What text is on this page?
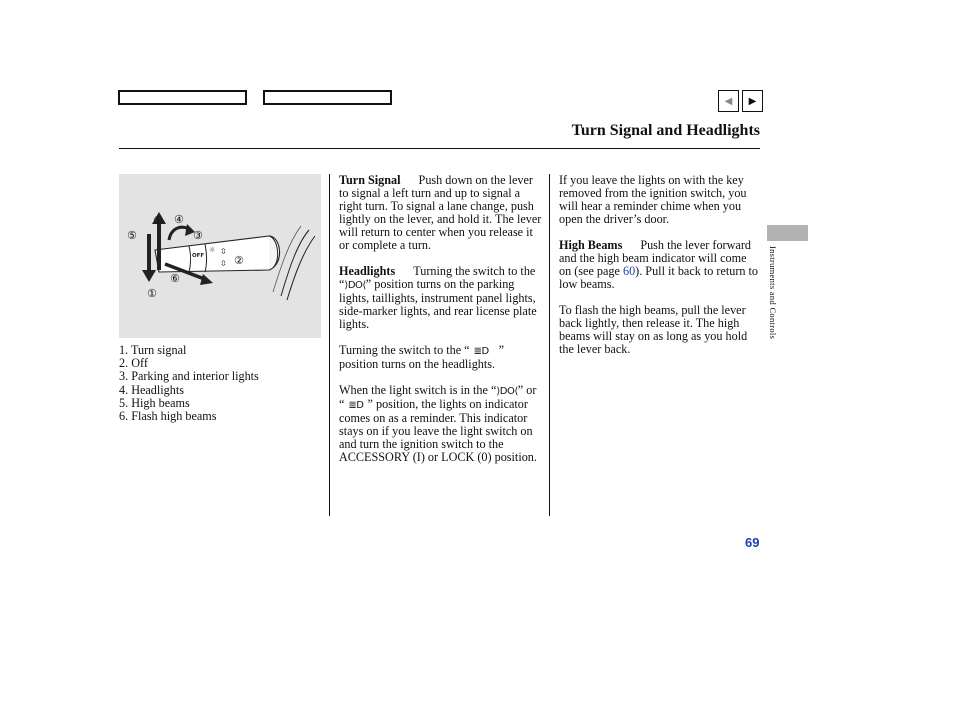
◀ ▶
Turn Signal and Headlights
OFF
☼ ⇳
⇳
① ④
⑤	③
②
⑥
①
1. Turn signal
2. Off
3. Parking and interior lights
4. Headlights
5. High beams
6. Flash high beams

Turn Signal Push down on the lever to signal a left turn and up to signal a right turn. To signal a lane change, push lightly on the lever, and hold it. The lever will return to center when you release it or complete a turn.

Headlights Turning the switch to the “⟩DO⟨” position turns on the parking lights, taillights, instrument panel lights, side-marker lights, and rear license plate lights.

Turning the switch to the “ ≣D ” position turns on the headlights.

When the light switch is in the “⟩DO⟨” or “ ≣D ” position, the lights on indicator comes on as a reminder. This indicator stays on if you leave the light switch on and turn the ignition switch to the ACCESSORY (I) or LOCK (0) position.

If you leave the lights on with the key removed from the ignition switch, you will hear a reminder chime when you open the driver’s door.

High Beams Push the lever forward and the high beam indicator will come on (see page 60). Pull it back to return to low beams.

To flash the high beams, pull the lever back lightly, then release it. The high beams will stay on as long as you hold the lever back.

Instruments and Controls
69
